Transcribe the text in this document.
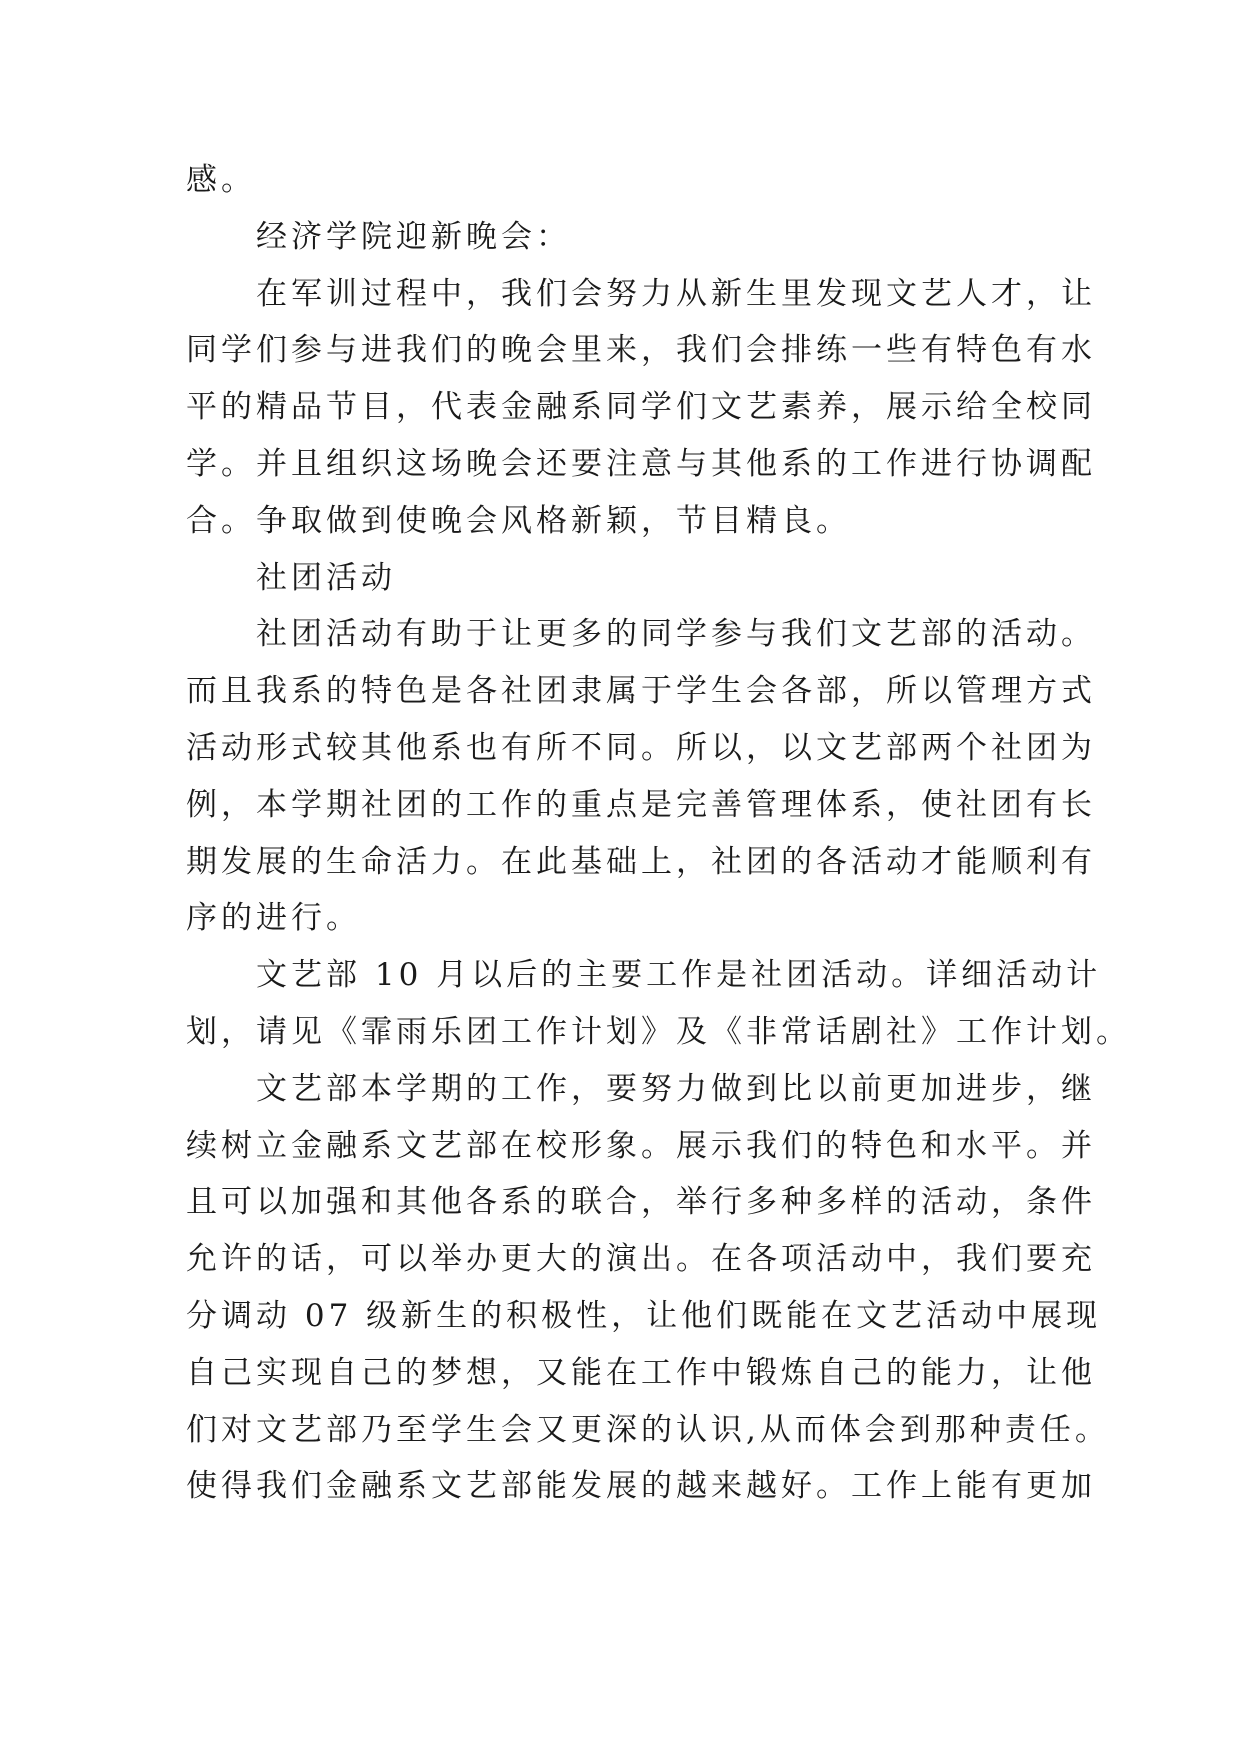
感。
经济学院迎新晚会：
在军训过程中，我们会努力从新生里发现文艺人才，让
同学们参与进我们的晚会里来，我们会排练一些有特色有水
平的精品节目，代表金融系同学们文艺素养，展示给全校同
学。并且组织这场晚会还要注意与其他系的工作进行协调配
合。争取做到使晚会风格新颖，节目精良。
社团活动
社团活动有助于让更多的同学参与我们文艺部的活动。
而且我系的特色是各社团隶属于学生会各部，所以管理方式
活动形式较其他系也有所不同。所以，以文艺部两个社团为
例，本学期社团的工作的重点是完善管理体系，使社团有长
期发展的生命活力。在此基础上，社团的各活动才能顺利有
序的进行。
文艺部 10 月以后的主要工作是社团活动。详细活动计
划，请见《霏雨乐团工作计划》及《非常话剧社》工作计划。
文艺部本学期的工作，要努力做到比以前更加进步，继
续树立金融系文艺部在校形象。展示我们的特色和水平。并
且可以加强和其他各系的联合，举行多种多样的活动，条件
允许的话，可以举办更大的演出。在各项活动中，我们要充
分调动 07 级新生的积极性，让他们既能在文艺活动中展现
自己实现自己的梦想，又能在工作中锻炼自己的能力，让他
们对文艺部乃至学生会又更深的认识,从而体会到那种责任。
使得我们金融系文艺部能发展的越来越好。工作上能有更加
